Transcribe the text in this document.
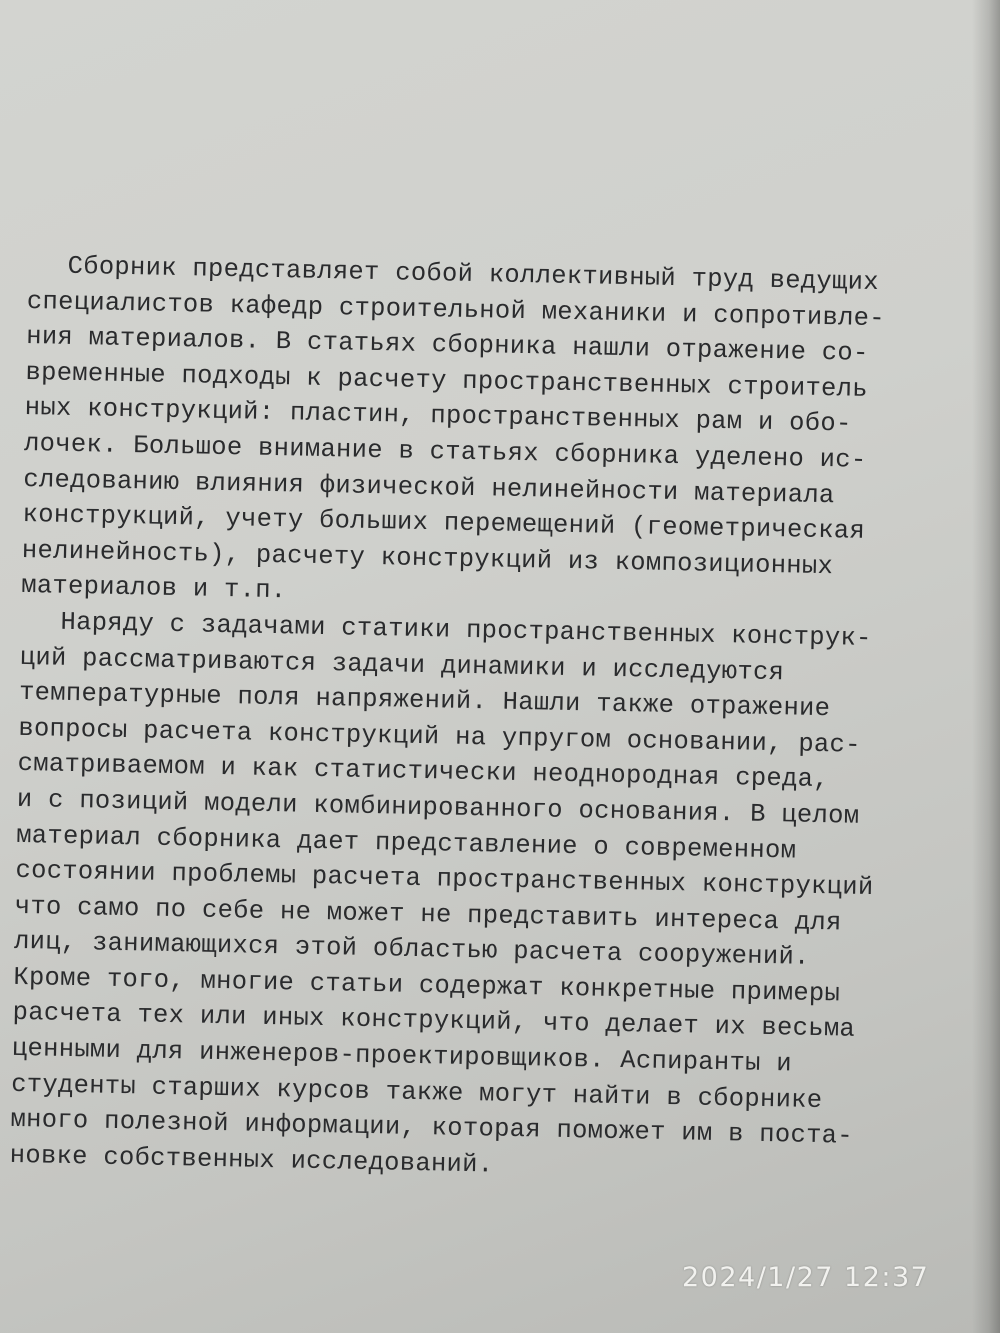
Сборник представляет собой коллективный труд ведущих
специалистов кафедр строительной механики и сопротивле-
ния материалов. В статьях сборника нашли отражение со-
временные подходы к расчету пространственных строитель
ных конструкций: пластин, пространственных рам и обо-
лочек. Большое внимание в статьях сборника уделено ис-
следованию влияния физической нелинейности материала
конструкций, учету больших перемещений (геометрическая
нелинейность), расчету конструкций из композиционных
материалов и т.п.
Наряду с задачами статики пространственных конструк-
ций рассматриваются задачи динамики и исследуются
температурные поля напряжений. Нашли также отражение
вопросы расчета конструкций на упругом основании, рас-
сматриваемом и как статистически неоднородная среда,
и с позиций модели комбинированного основания. В целом
материал сборника дает представление о современном
состоянии проблемы расчета пространственных конструкций
что само по себе не может не представить интереса для
лиц, занимающихся этой областью расчета сооружений.
Кроме того, многие статьи содержат конкретные примеры
расчета тех или иных конструкций, что делает их весьма
ценными для инженеров-проектировщиков. Аспиранты и
студенты старших курсов также могут найти в сборнике
много полезной информации, которая поможет им в поста-
новке собственных исследований.
2024/1/27 12:37
